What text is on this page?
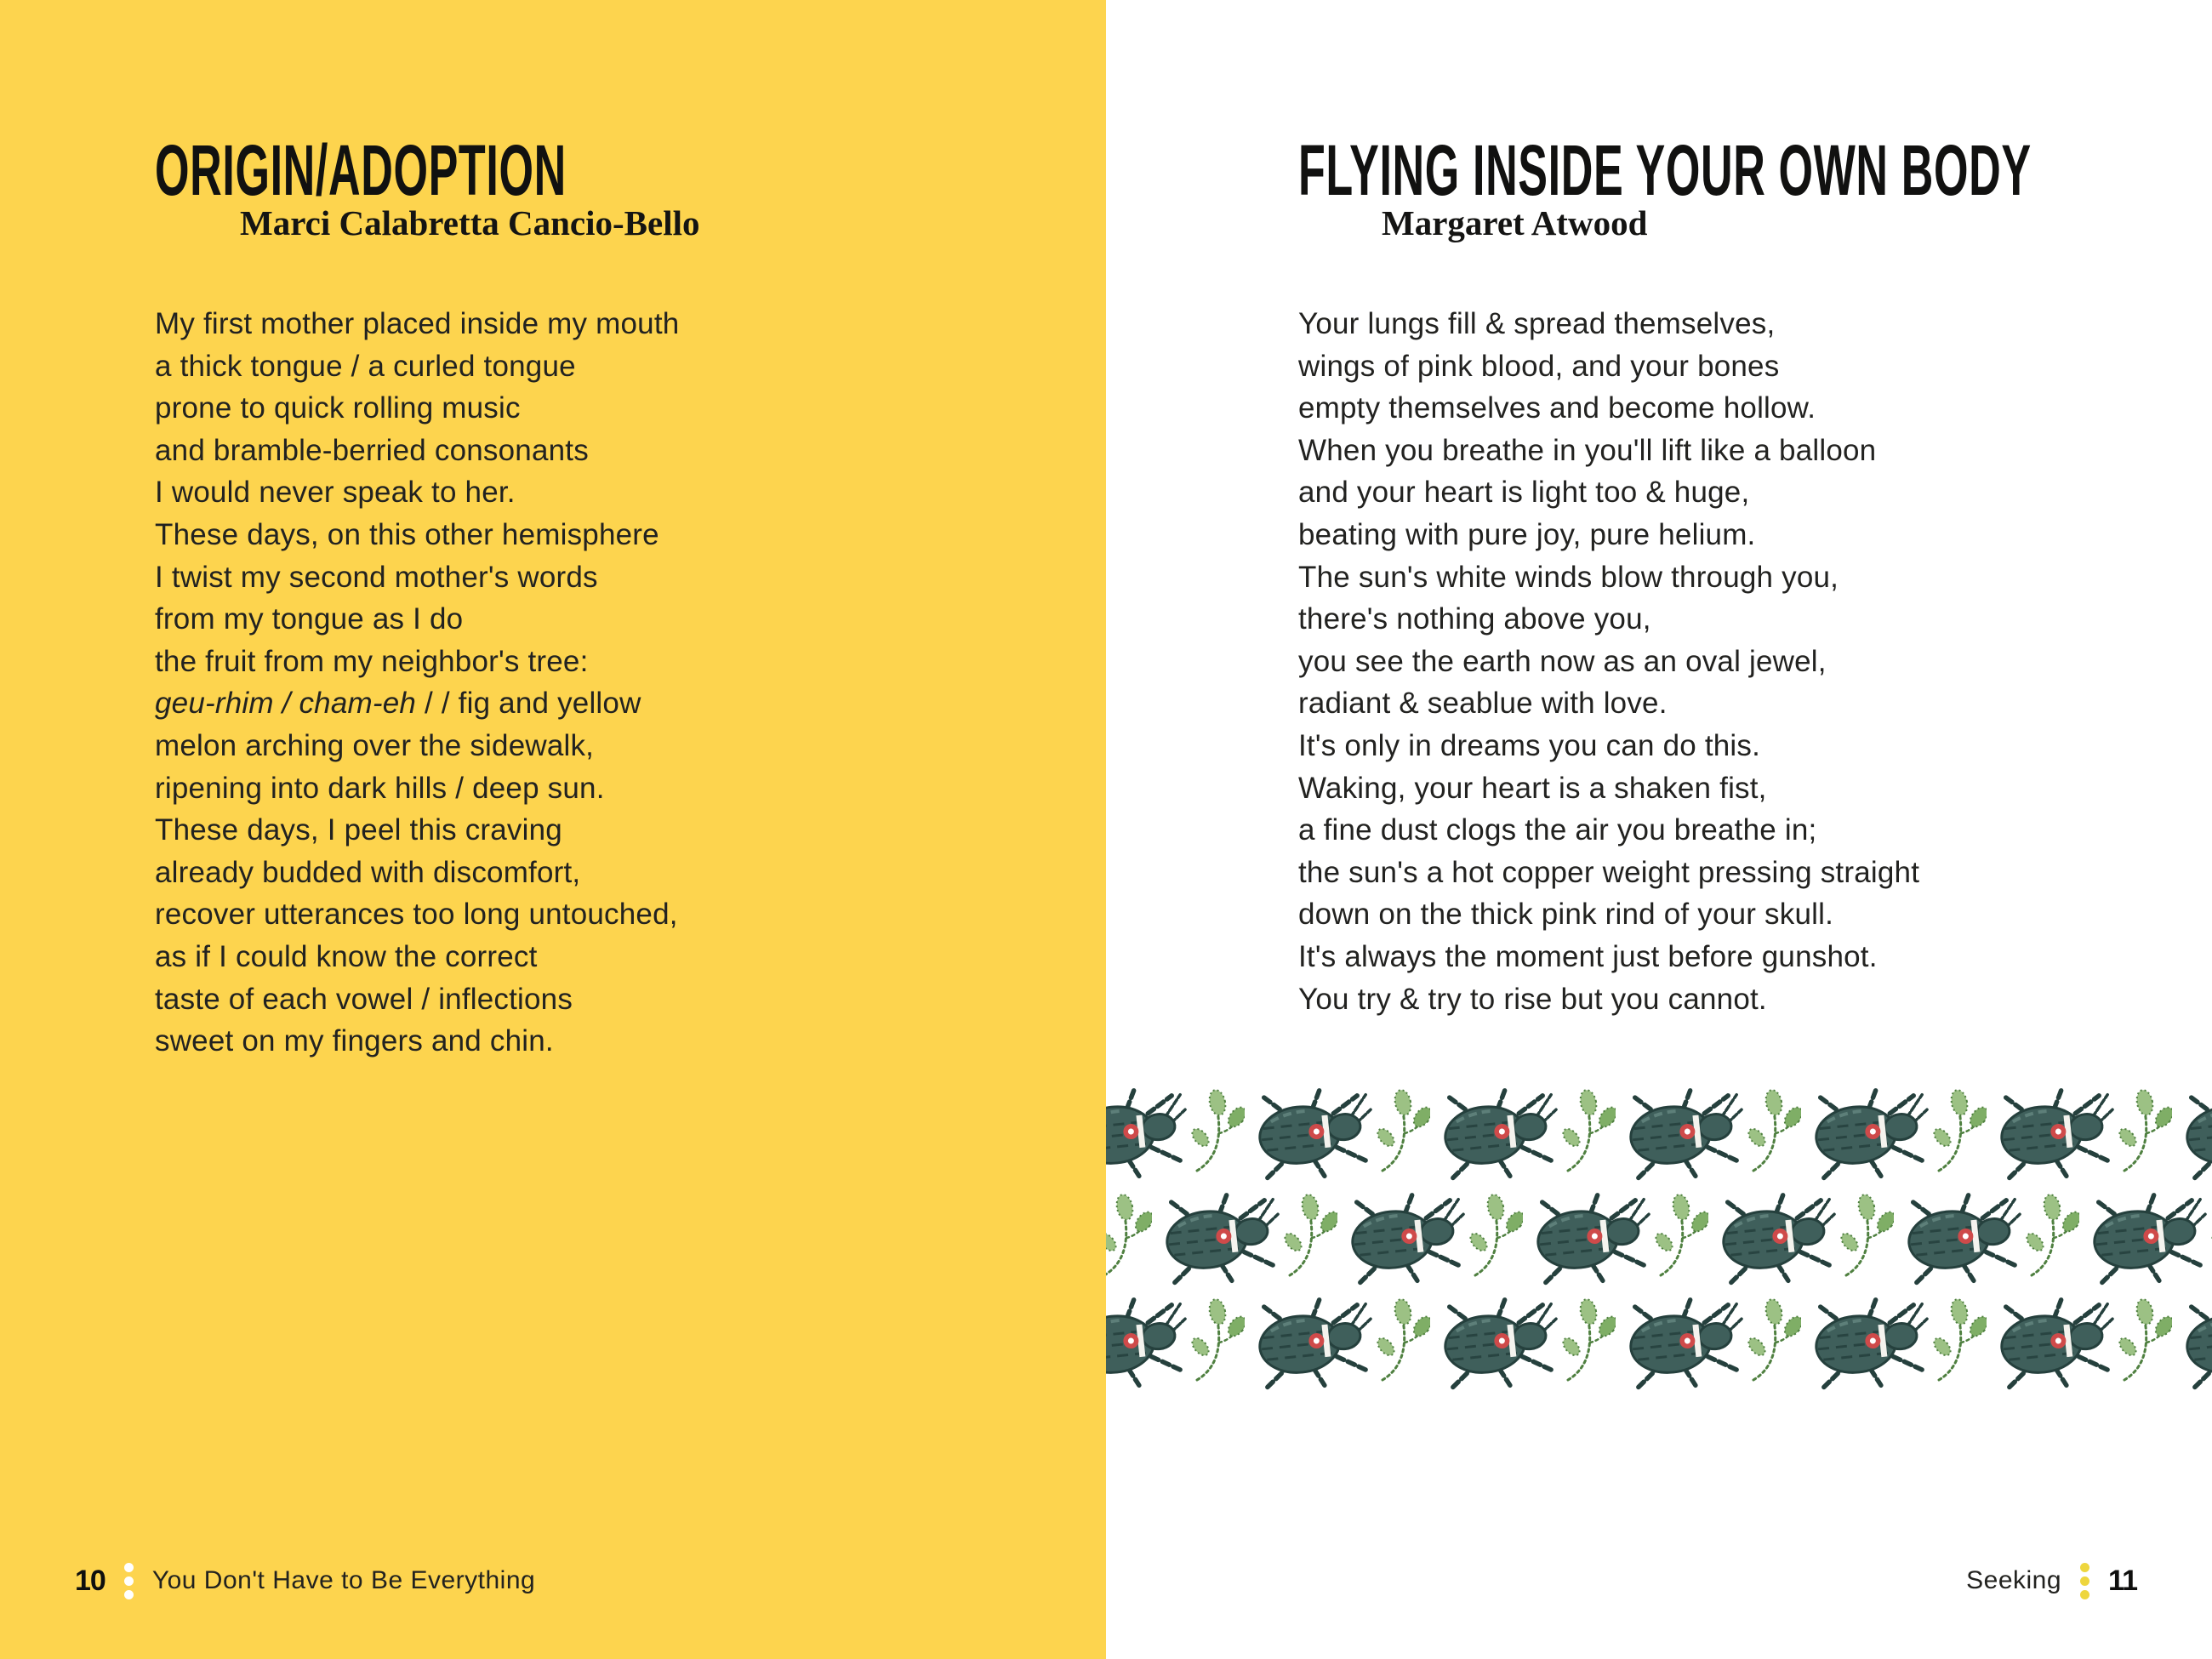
ORIGIN/ADOPTION

Marci Calabretta Cancio-Bello

My first mother placed inside my mouth
a thick tongue / a curled tongue
prone to quick rolling music
and bramble-berried consonants
I would never speak to her.
These days, on this other hemisphere
I twist my second mother's words
from my tongue as I do
the fruit from my neighbor's tree:
geu-rhim / cham-eh / / fig and yellow
melon arching over the sidewalk,
ripening into dark hills / deep sun.
These days, I peel this craving
already budded with discomfort,
recover utterances too long untouched,
as if I could know the correct
taste of each vowel / inflections
sweet on my fingers and chin.
10 You Don't Have to Be Everything
FLYING INSIDE YOUR OWN BODY

Margaret Atwood

Your lungs fill & spread themselves,
wings of pink blood, and your bones
empty themselves and become hollow.
When you breathe in you'll lift like a balloon
and your heart is light too & huge,
beating with pure joy, pure helium.
The sun's white winds blow through you,
there's nothing above you,
you see the earth now as an oval jewel,
radiant & seablue with love.
It's only in dreams you can do this.
Waking, your heart is a shaken fist,
a fine dust clogs the air you breathe in;
the sun's a hot copper weight pressing straight
down on the thick pink rind of your skull.
It's always the moment just before gunshot.
You try & try to rise but you cannot.
Seeking 11
